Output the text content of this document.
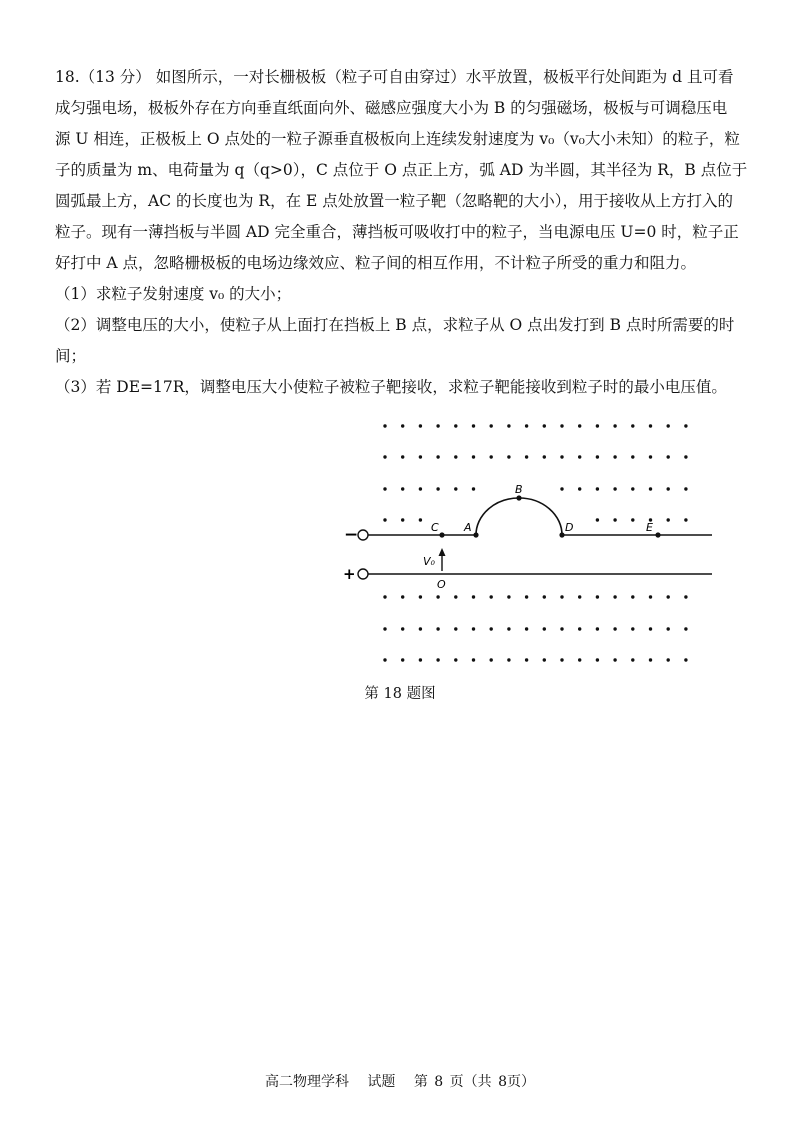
18.（13 分） 如图所示，一对长栅极板（粒子可自由穿过）水平放置，极板平行处间距为 d 且可看

成匀强电场，极板外存在方向垂直纸面向外、磁感应强度大小为 B 的匀强磁场，极板与可调稳压电

源 U 相连，正极板上 O 点处的一粒子源垂直极板向上连续发射速度为 v₀（v₀大小未知）的粒子，粒

子的质量为 m、电荷量为 q（q>0），C 点位于 O 点正上方，弧 AD 为半圆，其半径为 R，B 点位于

圆弧最上方，AC 的长度也为 R，在 E 点处放置一粒子靶（忽略靶的大小），用于接收从上方打入的

粒子。现有一薄挡板与半圆 AD 完全重合，薄挡板可吸收打中的粒子，当电源电压 U=0 时，粒子正

好打中 A 点，忽略栅极板的电场边缘效应、粒子间的相互作用，不计粒子所受的重力和阻力。

（1）求粒子发射速度 v₀ 的大小；

（2）调整电压的大小，使粒子从上面打在挡板上 B 点，求粒子从 O 点出发打到 B 点时所需要的时

间；

（3）若 DE=17R，调整电压大小使粒子被粒子靶接收，求粒子靶能接收到粒子时的最小电压值。

−
+
C A
B
D	E
V₀
O
第 18 题图
高二物理学科 试题 第 8 页（共 8页）
